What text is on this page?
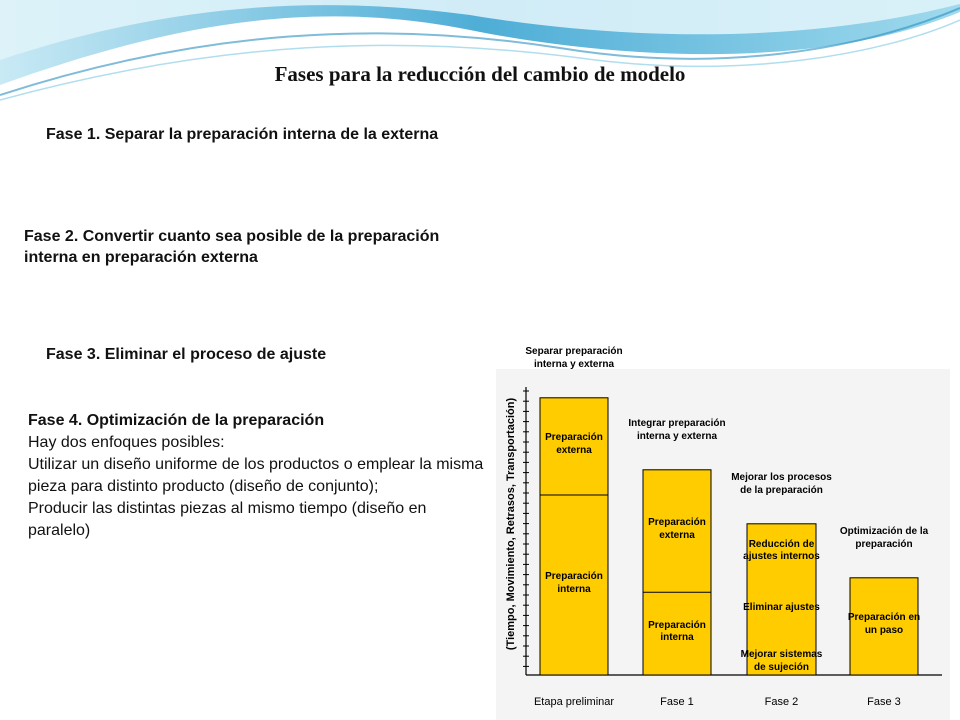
Fases para la reducción del cambio de modelo
Fase 1. Separar la preparación interna de la externa
Fase 2. Convertir cuanto sea posible de la preparación interna en preparación externa
Fase 3. Eliminar el proceso de ajuste
Fase 4. Optimización de la preparación
Hay dos enfoques posibles:
Utilizar un diseño uniforme de los productos o emplear la misma pieza para distinto producto (diseño de conjunto);
Producir las distintas piezas al mismo tiempo (diseño en paralelo)	(Tiempo, Movimiento, Retrasos, Transportación)	Preparación externa
Preparación interna
Separar preparación interna y externa
Etapa preliminar
Preparación externa
Preparación interna
Integrar preparación interna y externa
Fase 1
Reducción de ajustes internos
Eliminar ajustes
Mejorar sistemas de sujeción
Mejorar los procesos de la preparación
Fase 2
Preparación en un paso
Optimización de la preparación
Fase 3
